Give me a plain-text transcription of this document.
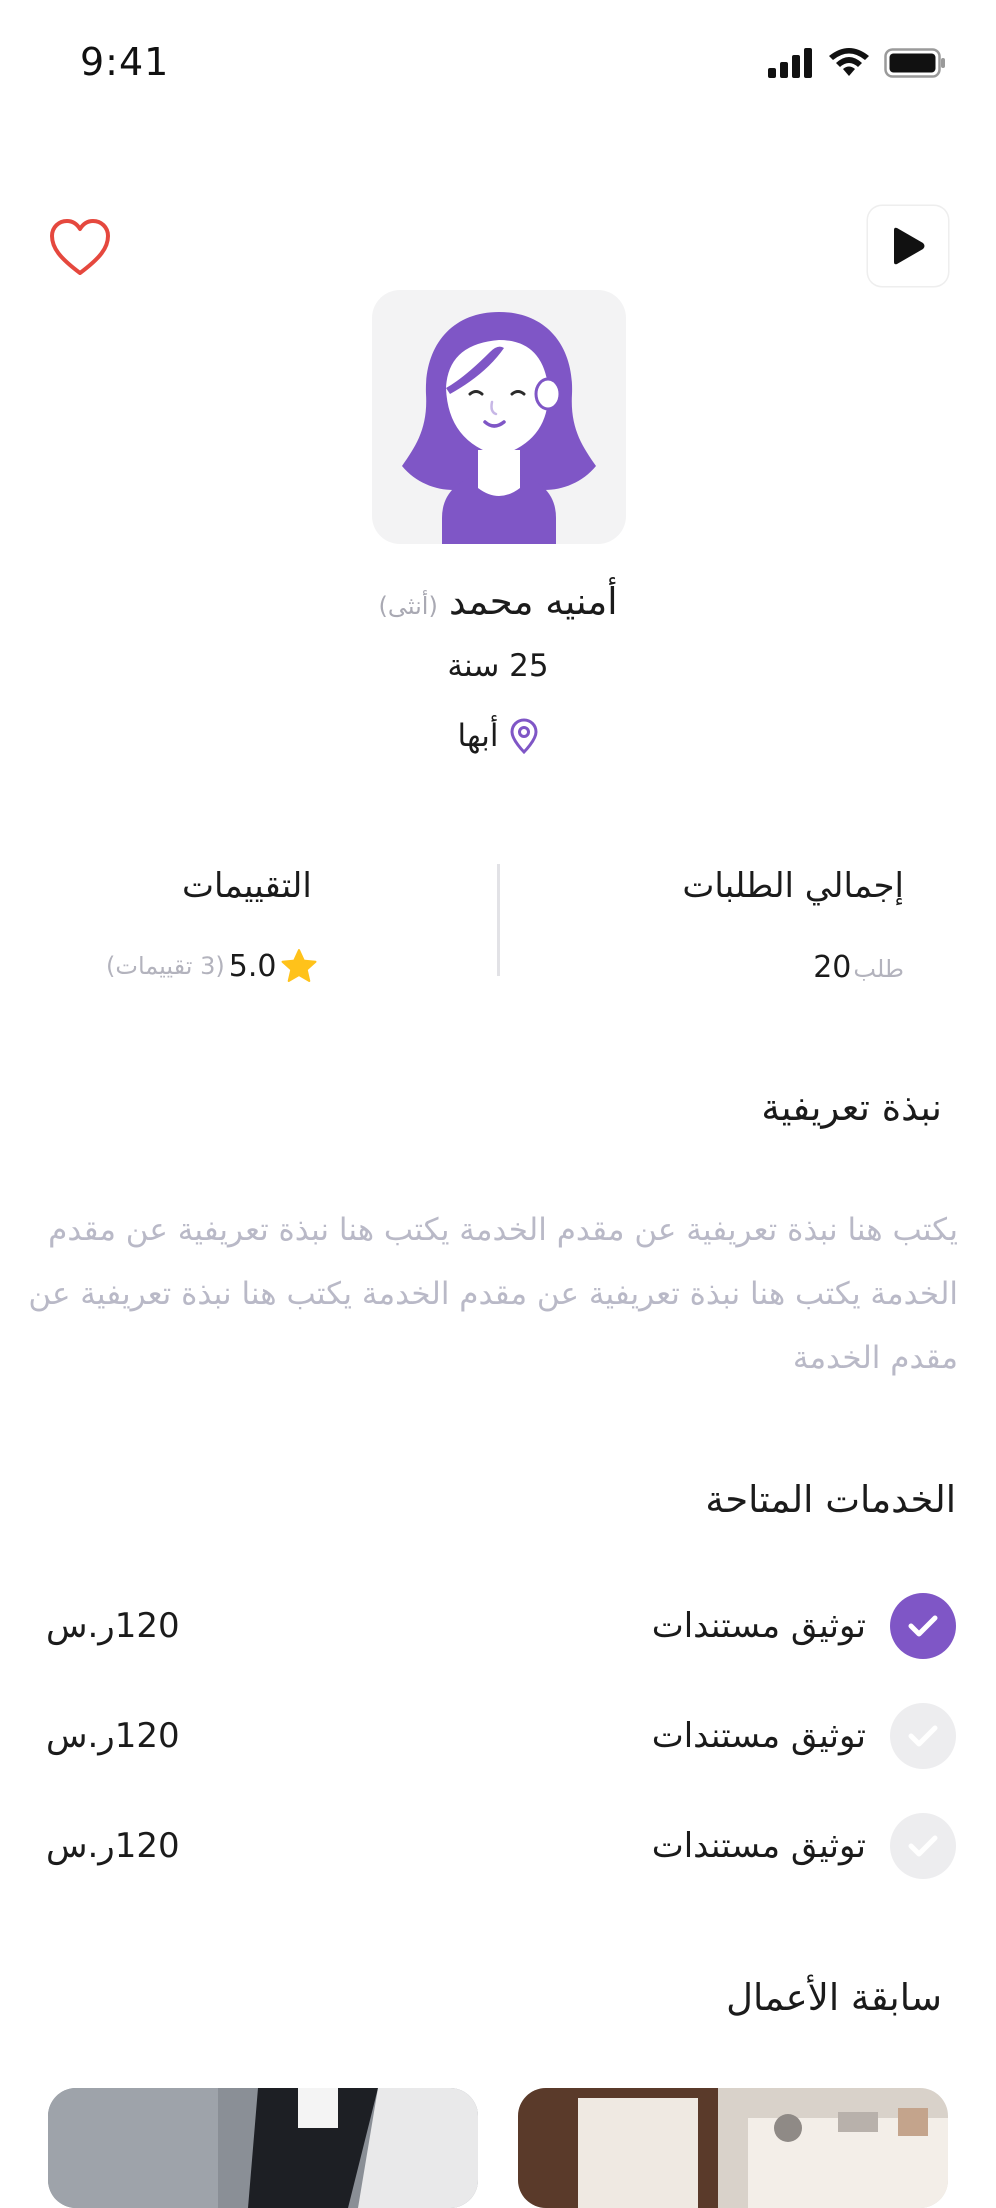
9:41
أمنيه محمد (أنثى)
25 سنة
أبها
إجمالي الطلبات
طلب
20
التقييمات
5.0
(3 تقييمات)
نبذة تعريفية
يكتب هنا نبذة تعريفية عن مقدم الخدمة يكتب هنا نبذة تعريفية عن مقدم الخدمة يكتب هنا نبذة تعريفية عن مقدم الخدمة يكتب هنا نبذة تعريفية عن مقدم الخدمة
الخدمات المتاحة
توثيق مستندات
120ر.س
توثيق مستندات
120ر.س
توثيق مستندات
120ر.س
سابقة الأعمال
